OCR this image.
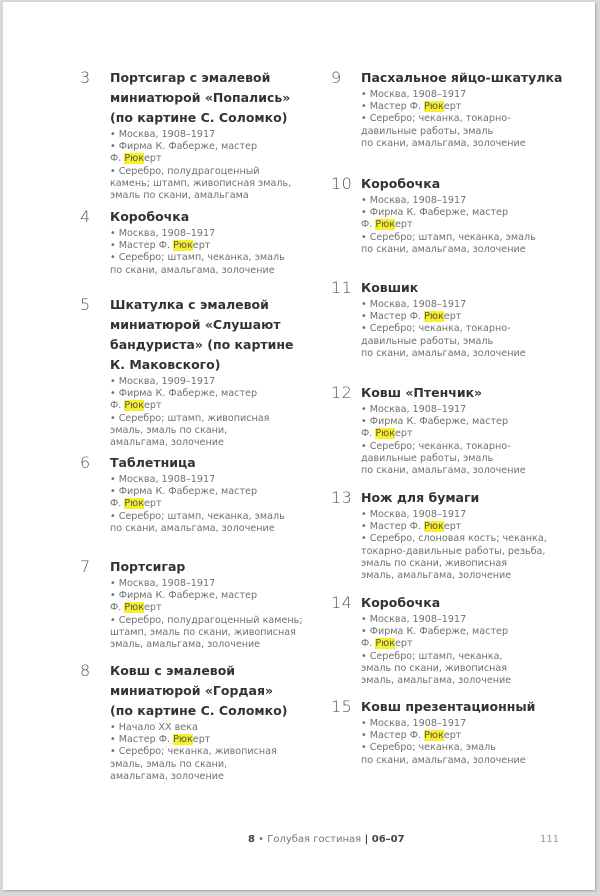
3 Портсигар с эмалевой
миниатюрой «Попались»
(по картине С. Соломко)
• Москва, 1908–1917
• Фирма К. Фаберже, мастер
Ф. Рюкерт
• Серебро, полудрагоценный
камень; штамп, живописная эмаль,
эмаль по скани, амальгама
4 Коробочка
• Москва, 1908–1917
• Мастер Ф. Рюкерт
• Серебро; штамп, чеканка, эмаль
по скани, амальгама, золочение
5 Шкатулка с эмалевой
миниатюрой «Слушают
бандуриста» (по картине
К. Маковского)
• Москва, 1909–1917
• Фирма К. Фаберже, мастер
Ф. Рюкерт
• Серебро; штамп, живописная
эмаль, эмаль по скани,
амальгама, золочение
6 Таблетница
• Москва, 1908–1917
• Фирма К. Фаберже, мастер
Ф. Рюкерт
• Серебро; штамп, чеканка, эмаль
по скани, амальгама, золочение
7 Портсигар
• Москва, 1908–1917
• Фирма К. Фаберже, мастер
Ф. Рюкерт
• Серебро, полудрагоценный камень;
штамп, эмаль по скани, живописная
эмаль, амальгама, золочение
8 Ковш с эмалевой
миниатюрой «Гордая»
(по картине С. Соломко)
• Начало XX века
• Мастер Ф. Рюкерт
• Серебро; чеканка, живописная
эмаль, эмаль по скани,
амальгама, золочение
9 Пасхальное яйцо-шкатулка
• Москва, 1908–1917
• Мастер Ф. Рюкерт
• Серебро; чеканка, токарно-
давильные работы, эмаль
по скани, амальгама, золочение
10 Коробочка
• Москва, 1908–1917
• Фирма К. Фаберже, мастер
Ф. Рюкерт
• Серебро; штамп, чеканка, эмаль
по скани, амальгама, золочение
11 Ковшик
• Москва, 1908–1917
• Мастер Ф. Рюкерт
• Серебро; чеканка, токарно-
давильные работы, эмаль
по скани, амальгама, золочение
12 Ковш «Птенчик»
• Москва, 1908–1917
• Фирма К. Фаберже, мастер
Ф. Рюкерт
• Серебро; чеканка, токарно-
давильные работы, эмаль
по скани, амальгама, золочение
13 Нож для бумаги
• Москва, 1908–1917
• Мастер Ф. Рюкерт
• Серебро, слоновая кость; чеканка,
токарно-давильные работы, резьба,
эмаль по скани, живописная
эмаль, амальгама, золочение
14 Коробочка
• Москва, 1908–1917
• Фирма К. Фаберже, мастер
Ф. Рюкерт
• Серебро; штамп, чеканка,
эмаль по скани, живописная
эмаль, амальгама, золочение
15 Ковш презентационный
• Москва, 1908–1917
• Мастер Ф. Рюкерт
• Серебро; чеканка, эмаль
по скани, амальгама, золочение
8 • Голубая гостиная | 06–07	111
